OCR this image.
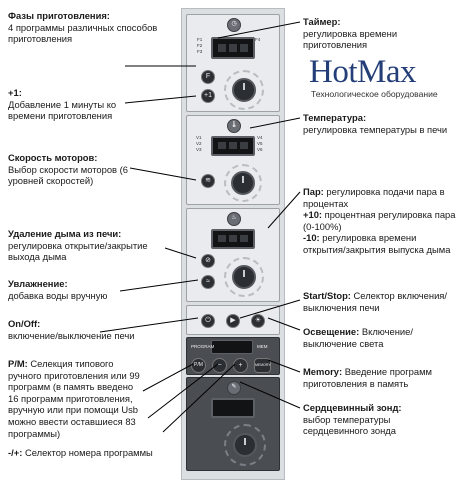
◷
F1
F2
F3
F4
F
+1
🌡
V1
V2
V3
V4
V5
V6
≋
♨
⊘
≈
⏻	▶	☀
PROGRAM	MEM
P/M	−	+	MEMORY
✎
Фазы приготовления:
4 программы различных способов приготовления
+1:
Добавление 1 минуты ко времени приготовления
Скорость моторов:
Выбор скорости моторов (6 уровней скоростей)
Удаление дыма из печи:
регулировка открытие/закрытие выхода дыма
Увлажнение:
добавка воды вручную
On/Off:
включение/выключение печи
P/M: Селекция типового ручного приготовления или 99 программ (в память введено 16 программ приготовления, вручную или при помощи Usb можно ввести оставшиеся 83 программы)
-/+: Селектор номера программы
Таймер:
регулировка времени приготовления
Температура:
регулировка температуры в печи
Пар: регулировка подачи пара в процентах
+10: процентная регулировка пара (0-100%)
-10: регулировка времени открытия/закрытия выпуска дыма
Start/Stop: Селектор включения/выключения печи
Освещение: Включение/ выключение света
Memory: Введение программ приготовления в память
Сердцевинный зонд:
выбор температуры сердцевинного зонда
HotMax
Технологическое оборудование
